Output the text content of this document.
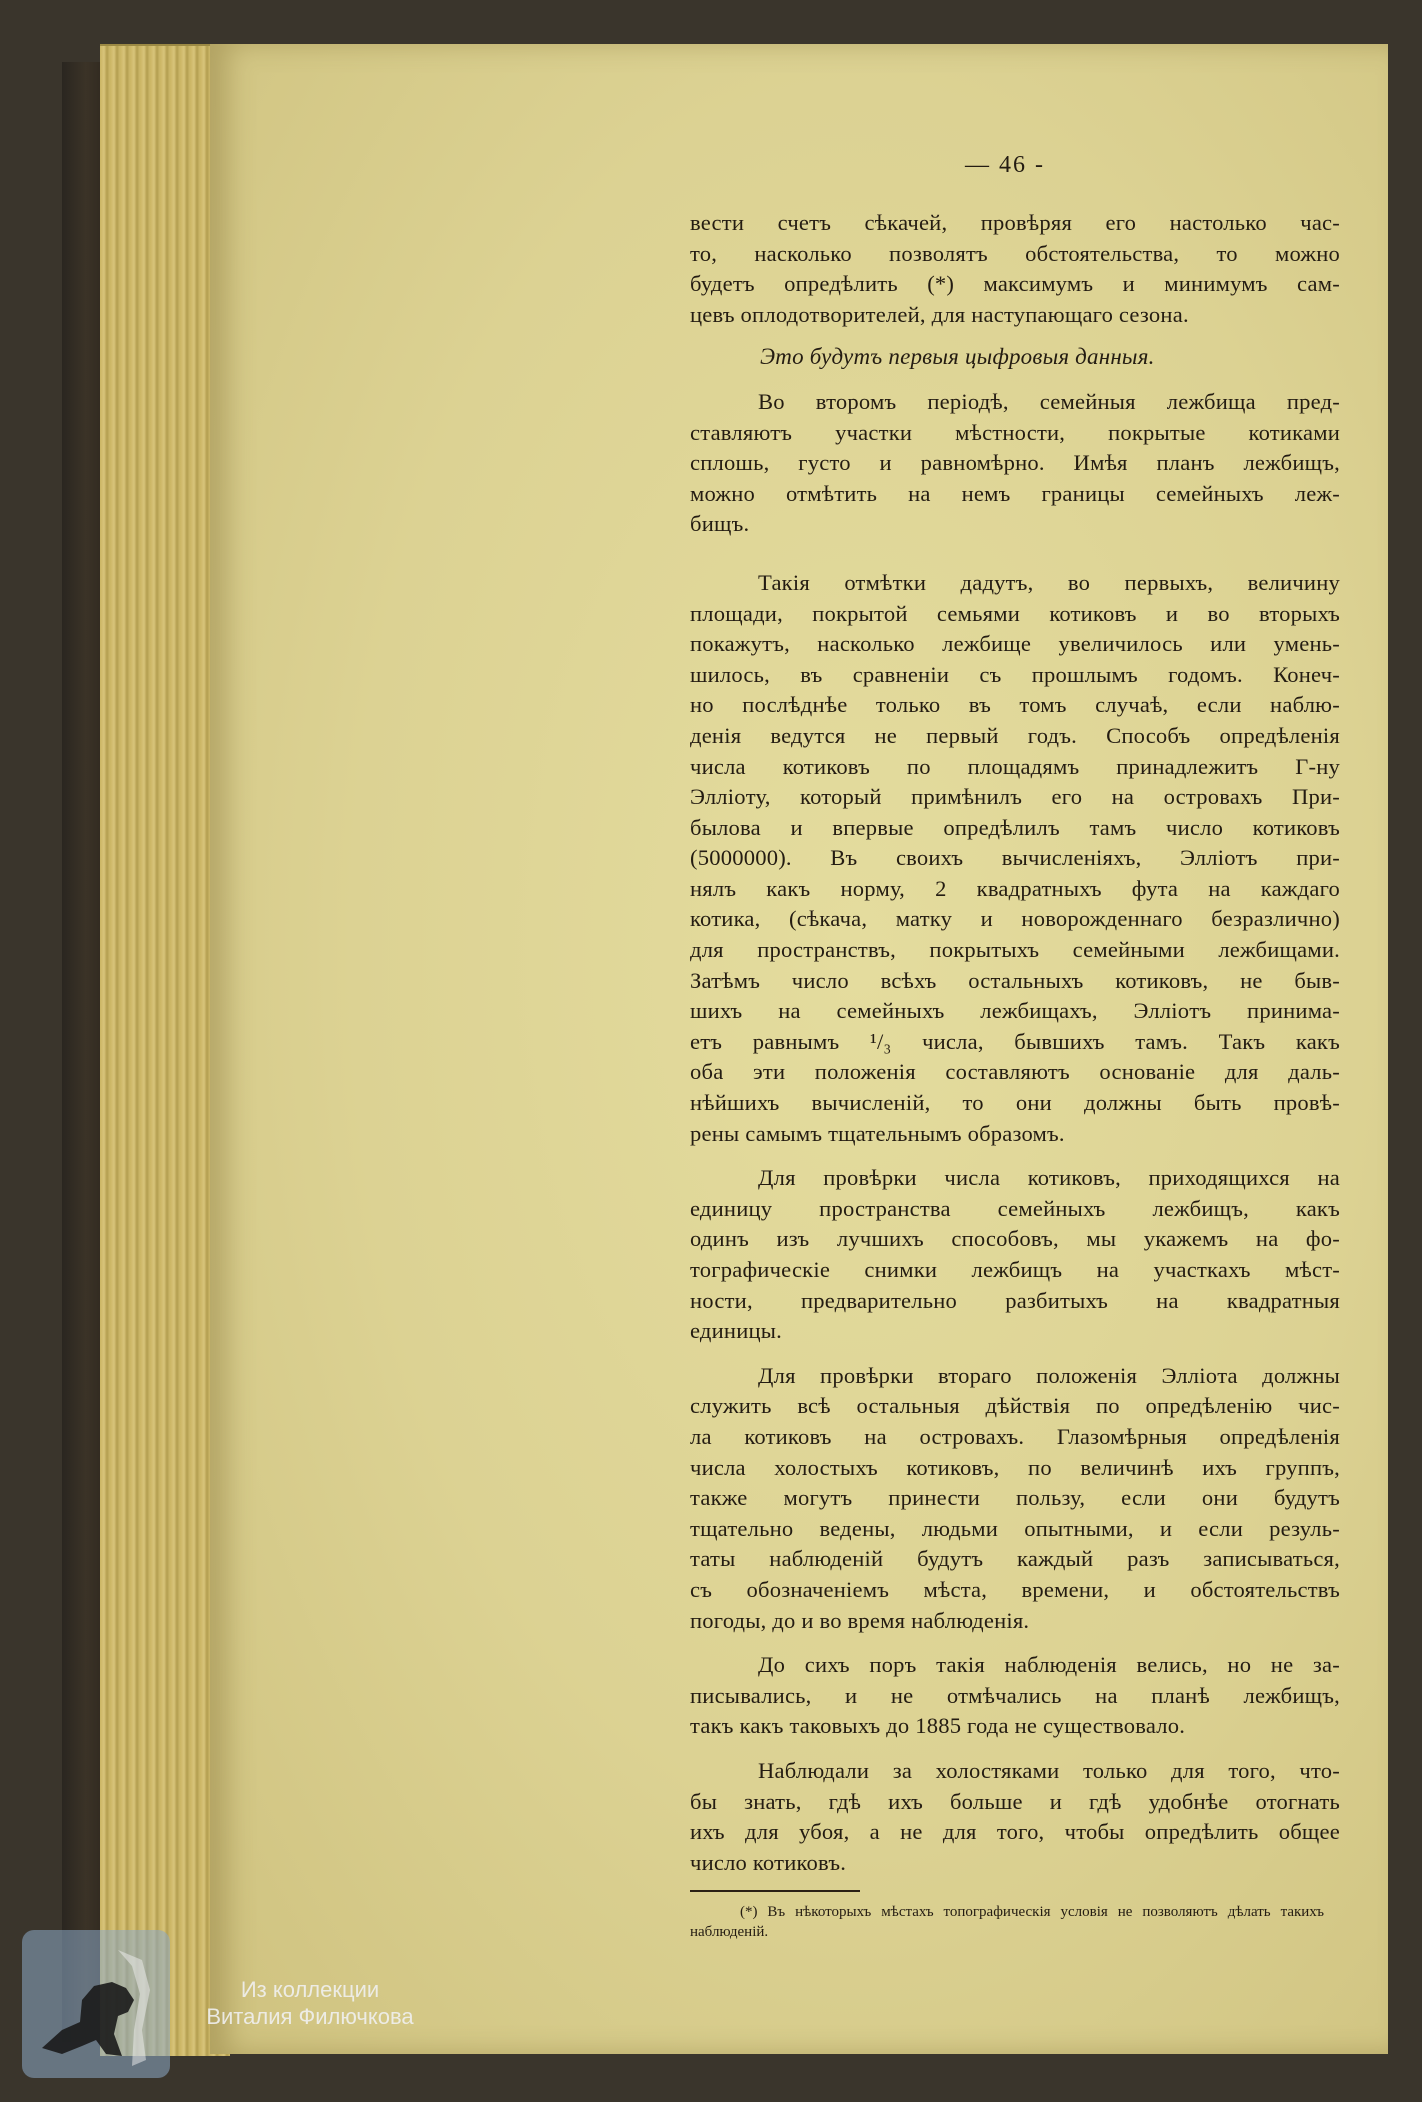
— 46 -
вести счетъ сѣкачей, провѣряя его настолько час-
то, насколько позволятъ обстоятельства, то можно
будетъ опредѣлить (*) максимумъ и минимумъ сам-
цевъ оплодотворителей, для наступающаго сезона.

Это будутъ первыя цыфровыя данныя.

Во второмъ періодѣ, семейныя лежбища пред-
ставляютъ участки мѣстности, покрытые котиками
сплошь, густо и равномѣрно. Имѣя планъ лежбищъ,
можно отмѣтить на немъ границы семейныхъ леж-
бищъ.
Такія отмѣтки дадутъ, во первыхъ, величину
площади, покрытой семьями котиковъ и во вторыхъ
покажутъ, насколько лежбище увеличилось или умень-
шилось, въ сравненіи съ прошлымъ годомъ. Конеч-
но послѣднѣе только въ томъ случаѣ, если наблю-
денія ведутся не первый годъ. Способъ опредѣленія
числа котиковъ по площадямъ принадлежитъ Г-ну
Эллioту, который примѣнилъ его на островахъ При-
былова и впервые опредѣлилъ тамъ число котиковъ
(5000000). Въ своихъ вычисленіяхъ, Эллioтъ при-
нялъ какъ норму, 2 квадратныхъ фута на каждаго
котика, (сѣкача, матку и новорожденнаго безразлично)
для пространствъ, покрытыхъ семейными лежбищами.
Затѣмъ число всѣхъ остальныхъ котиковъ, не быв-
шихъ на семейныхъ лежбищахъ, Эллioтъ принима-
етъ равнымъ ¹/₃ числа, бывшихъ тамъ. Такъ какъ
оба эти положенія составляютъ основаніе для даль-
нѣйшихъ вычисленій, то они должны быть провѣ-
рены самымъ тщательнымъ образомъ.
Для провѣрки числа котиковъ, приходящихся на
единицу пространства семейныхъ лежбищъ, какъ
одинъ изъ лучшихъ способовъ, мы укажемъ на фо-
тографическіе снимки лежбищъ на участкахъ мѣст-
ности, предварительно разбитыхъ на квадратныя
единицы.
Для провѣрки втораго положенія Эллioта должны
служить всѣ остальныя дѣйствія по опредѣленію чис-
ла котиковъ на островахъ. Глазомѣрныя опредѣленія
числа холостыхъ котиковъ, по величинѣ ихъ группъ,
также могутъ принести пользу, если они будутъ
тщательно ведены, людьми опытными, и если резуль-
таты наблюденій будутъ каждый разъ записываться,
съ обозначеніемъ мѣста, времени, и обстоятельствъ
погоды, до и во время наблюденія.
До сихъ поръ такія наблюденія велись, но не за-
писывались, и не отмѣчались на планѣ лежбищъ,
такъ какъ таковыхъ до 1885 года не существовало.
Наблюдали за холостяками только для того, что-
бы знать, гдѣ ихъ больше и гдѣ удобнѣе отогнать
ихъ для убоя, а не для того, чтобы опредѣлить общее
число котиковъ.
(*) Въ нѣкоторыхъ мѣстахъ топографическія условія не позволяютъ дѣлать такихъ наблюденій.
Из коллекции
Виталия Филючкова
